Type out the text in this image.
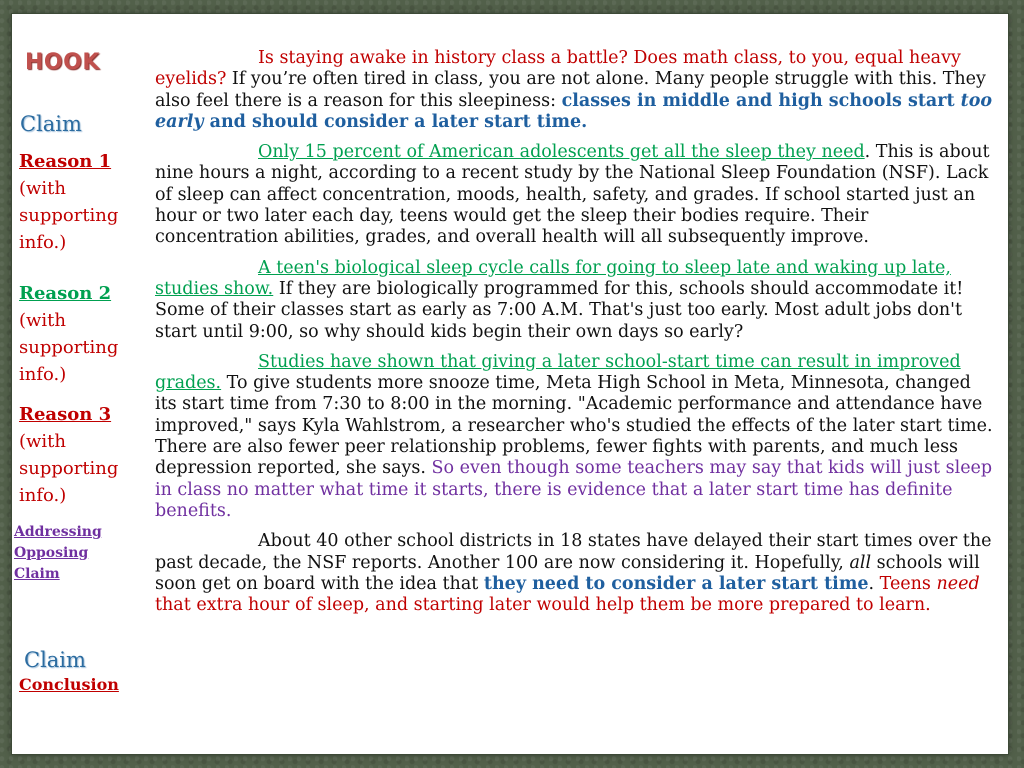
HOOK
Claim
Reason 1
(with supporting info.)
Reason 2
(with supporting info.)
Reason 3
(with supporting info.)
Addressing Opposing Claim
Claim
Conclusion

Is staying awake in history class a battle? Does math class, to you, equal heavy eyelids? If you’re often tired in class, you are not alone. Many people struggle with this. They also feel there is a reason for this sleepiness: classes in middle and high schools start too early and should consider a later start time.

Only 15 percent of American adolescents get all the sleep they need. This is about nine hours a night, according to a recent study by the National Sleep Foundation (NSF). Lack of sleep can affect concentration, moods, health, safety, and grades. If school started just an hour or two later each day, teens would get the sleep their bodies require. Their concentration abilities, grades, and overall health will all subsequently improve.

A teen's biological sleep cycle calls for going to sleep late and waking up late, studies show. If they are biologically programmed for this, schools should accommodate it! Some of their classes start as early as 7:00 A.M. That's just too early. Most adult jobs don't start until 9:00, so why should kids begin their own days so early?

Studies have shown that giving a later school-start time can result in improved grades. To give students more snooze time, Meta High School in Meta, Minnesota, changed its start time from 7:30 to 8:00 in the morning. "Academic performance and attendance have improved," says Kyla Wahlstrom, a researcher who's studied the effects of the later start time. There are also fewer peer relationship problems, fewer fights with parents, and much less depression reported, she says. So even though some teachers may say that kids will just sleep in class no matter what time it starts, there is evidence that a later start time has definite benefits.

About 40 other school districts in 18 states have delayed their start times over the past decade, the NSF reports. Another 100 are now considering it. Hopefully, all schools will soon get on board with the idea that they need to consider a later start time. Teens need that extra hour of sleep, and starting later would help them be more prepared to learn.
